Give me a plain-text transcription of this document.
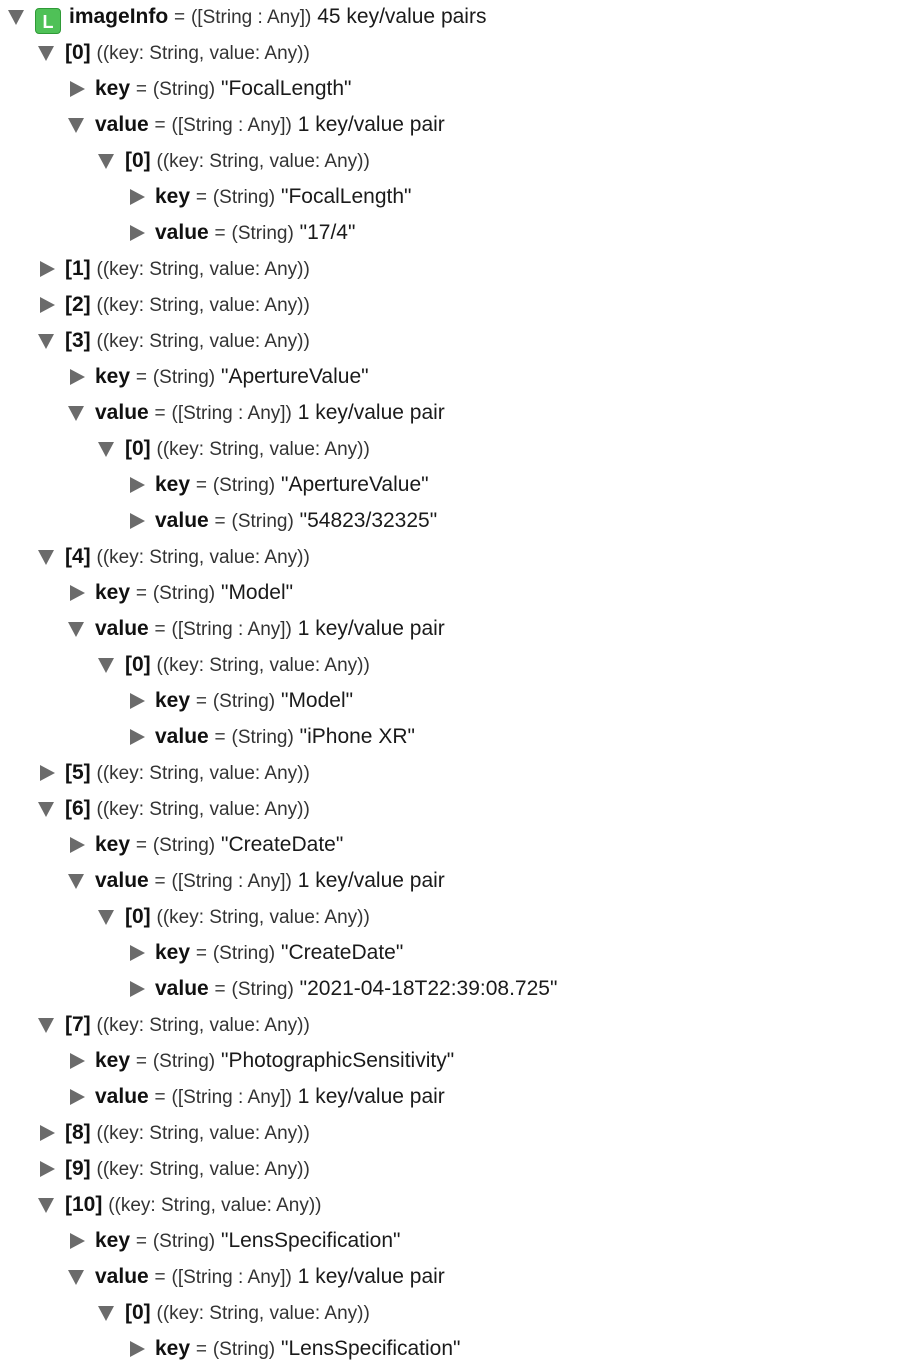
L imageInfo = ([String : Any]) 45 key/value pairs
[0] ((key: String, value: Any))
key = (String) "FocalLength"
value = ([String : Any]) 1 key/value pair
[0] ((key: String, value: Any))
key = (String) "FocalLength"
value = (String) "17/4"
[1] ((key: String, value: Any))
[2] ((key: String, value: Any))
[3] ((key: String, value: Any))
key = (String) "ApertureValue"
value = ([String : Any]) 1 key/value pair
[0] ((key: String, value: Any))
key = (String) "ApertureValue"
value = (String) "54823/32325"
[4] ((key: String, value: Any))
key = (String) "Model"
value = ([String : Any]) 1 key/value pair
[0] ((key: String, value: Any))
key = (String) "Model"
value = (String) "iPhone XR"
[5] ((key: String, value: Any))
[6] ((key: String, value: Any))
key = (String) "CreateDate"
value = ([String : Any]) 1 key/value pair
[0] ((key: String, value: Any))
key = (String) "CreateDate"
value = (String) "2021-04-18T22:39:08.725"
[7] ((key: String, value: Any))
key = (String) "PhotographicSensitivity"
value = ([String : Any]) 1 key/value pair
[8] ((key: String, value: Any))
[9] ((key: String, value: Any))
[10] ((key: String, value: Any))
key = (String) "LensSpecification"
value = ([String : Any]) 1 key/value pair
[0] ((key: String, value: Any))
key = (String) "LensSpecification"
